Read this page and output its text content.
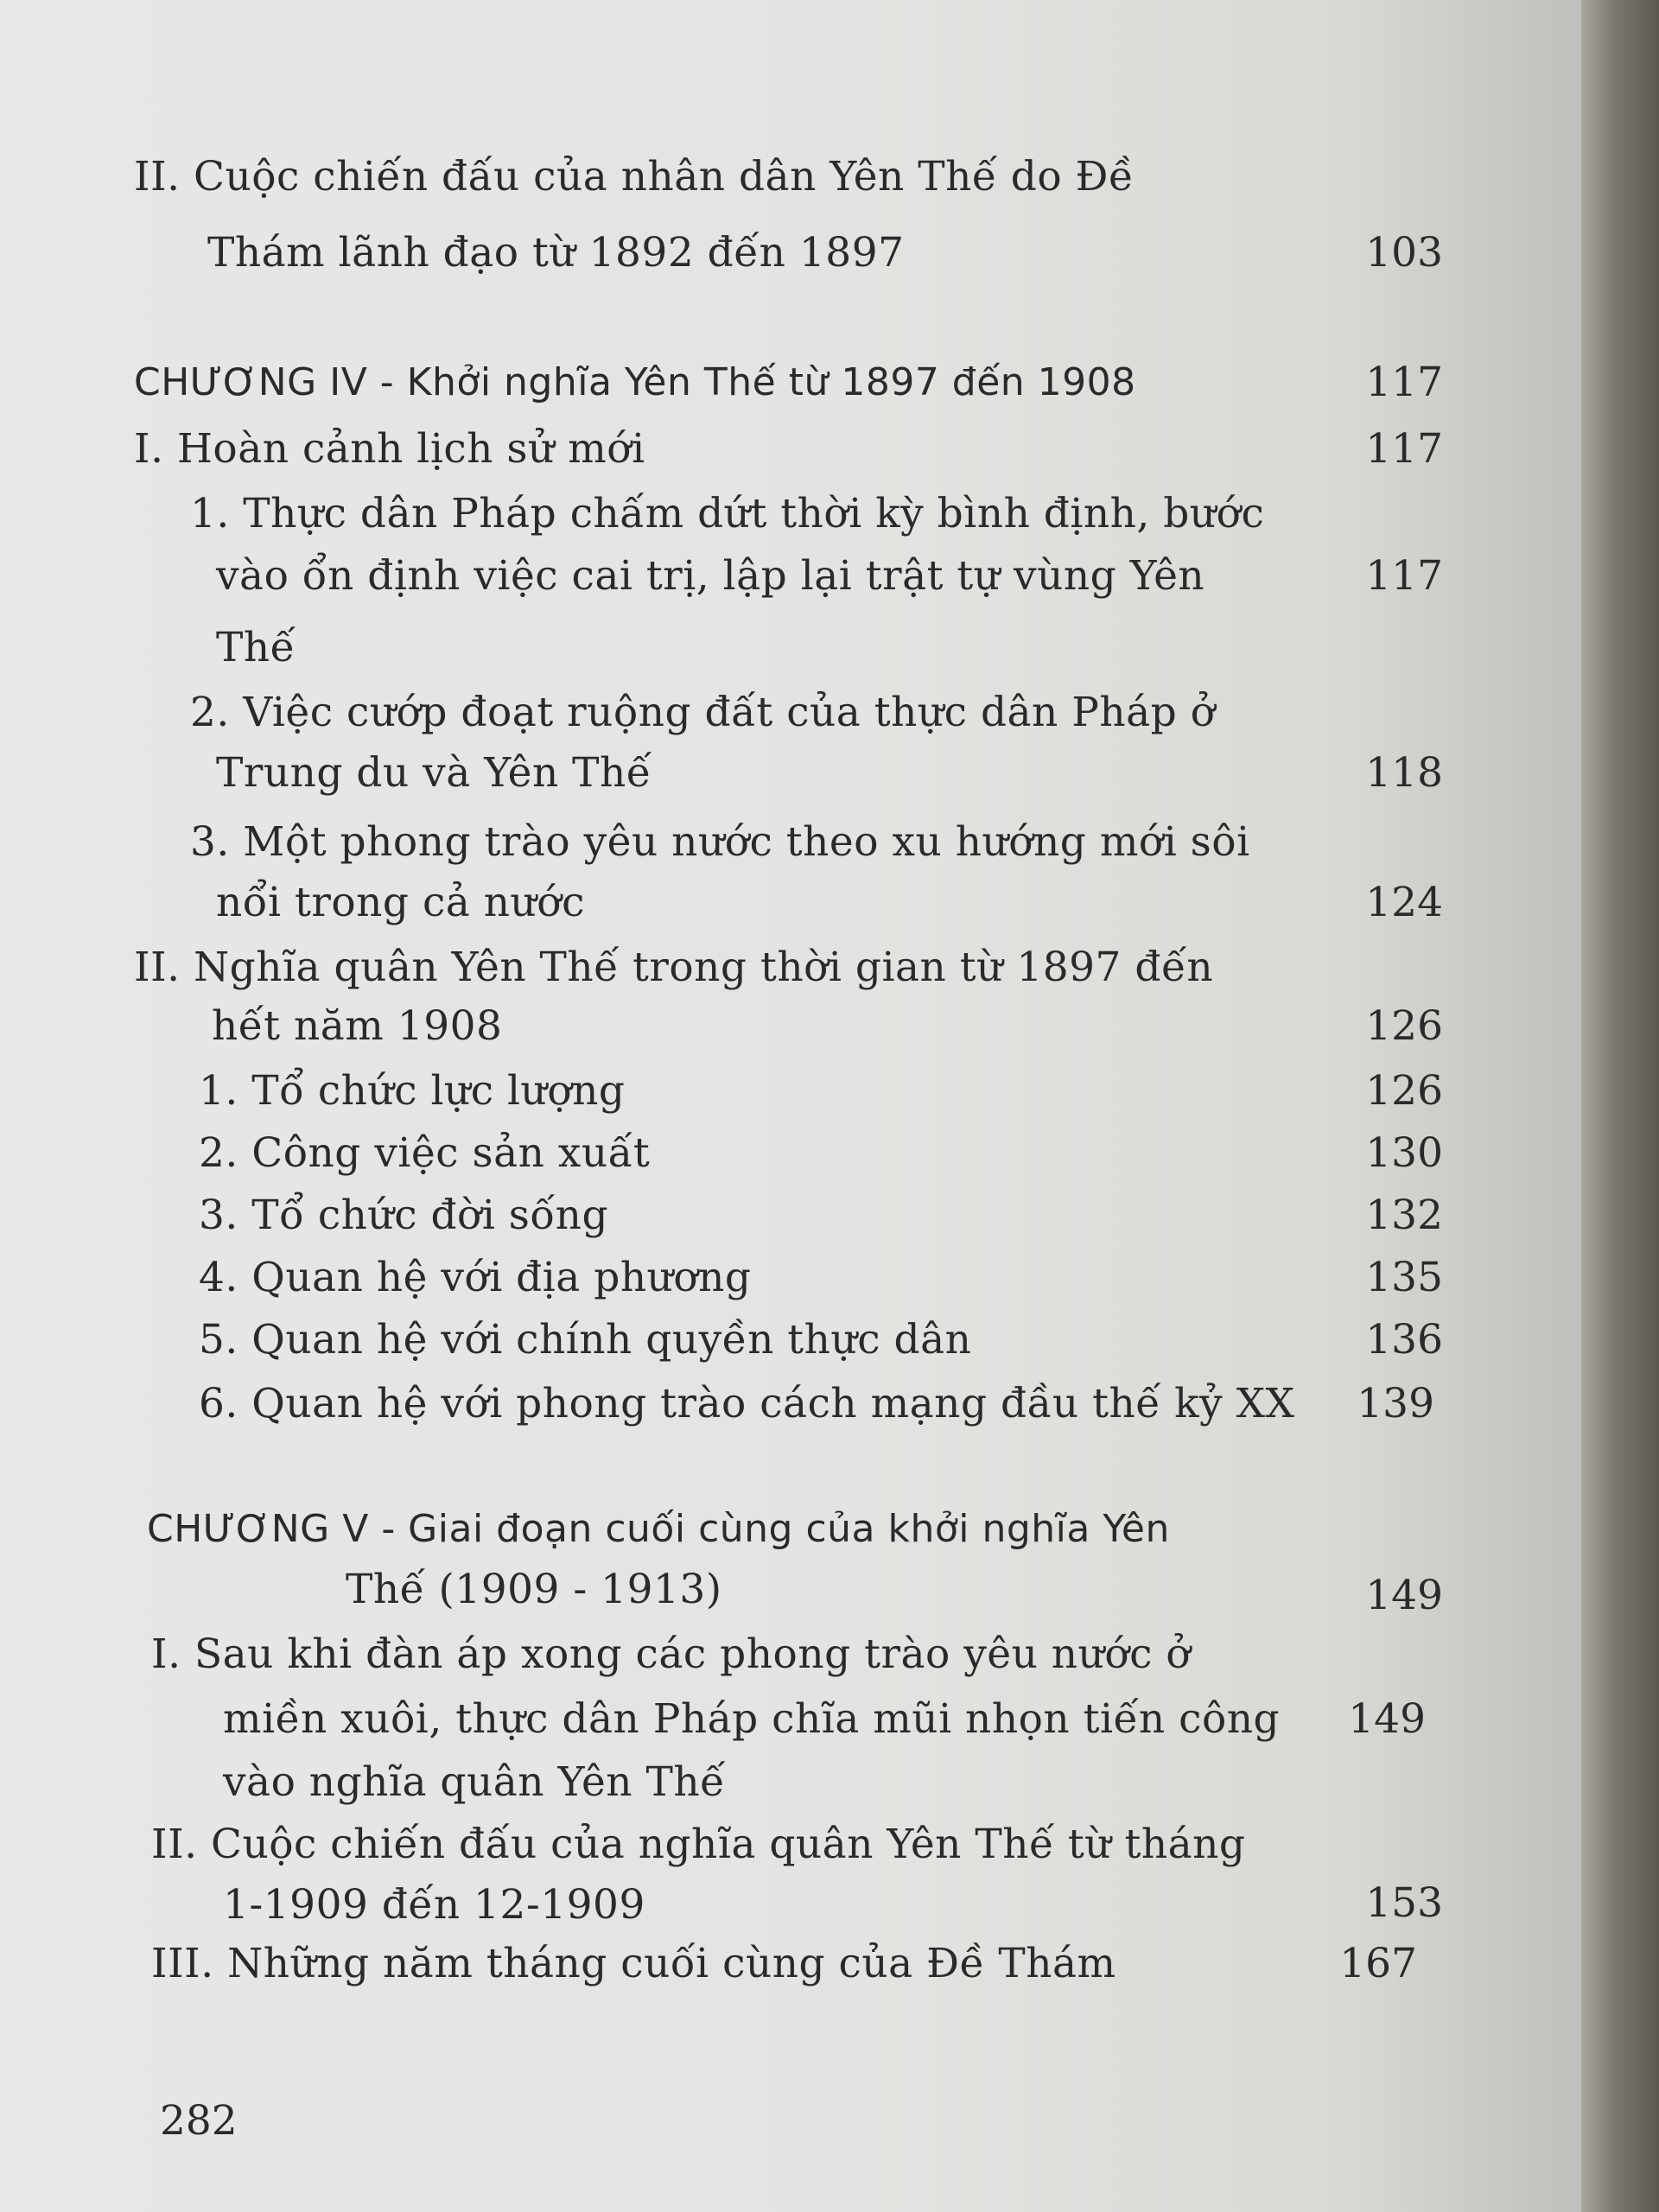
II. Cuộc chiến đấu của nhân dân Yên Thế do Đề
Thám lãnh đạo từ 1892 đến 1897	103
CHƯƠNG IV - Khởi nghĩa Yên Thế từ 1897 đến 1908	117
I. Hoàn cảnh lịch sử mới	117
1. Thực dân Pháp chấm dứt thời kỳ bình định, bước
vào ổn định việc cai trị, lập lại trật tự vùng Yên	117
Thế
2. Việc cướp đoạt ruộng đất của thực dân Pháp ở
Trung du và Yên Thế	118
3. Một phong trào yêu nước theo xu hướng mới sôi
nổi trong cả nước	124
II. Nghĩa quân Yên Thế trong thời gian từ 1897 đến
hết năm 1908	126
1. Tổ chức lực lượng	126
2. Công việc sản xuất	130
3. Tổ chức đời sống	132
4. Quan hệ với địa phương	135
5. Quan hệ với chính quyền thực dân	136
6. Quan hệ với phong trào cách mạng đầu thế kỷ XX	139
CHƯƠNG V - Giai đoạn cuối cùng của khởi nghĩa Yên
Thế (1909 - 1913)	149
I. Sau khi đàn áp xong các phong trào yêu nước ở
miền xuôi, thực dân Pháp chĩa mũi nhọn tiến công	149
vào nghĩa quân Yên Thế
II. Cuộc chiến đấu của nghĩa quân Yên Thế từ tháng
1-1909 đến 12-1909	153
III. Những năm tháng cuối cùng của Đề Thám	167
282
